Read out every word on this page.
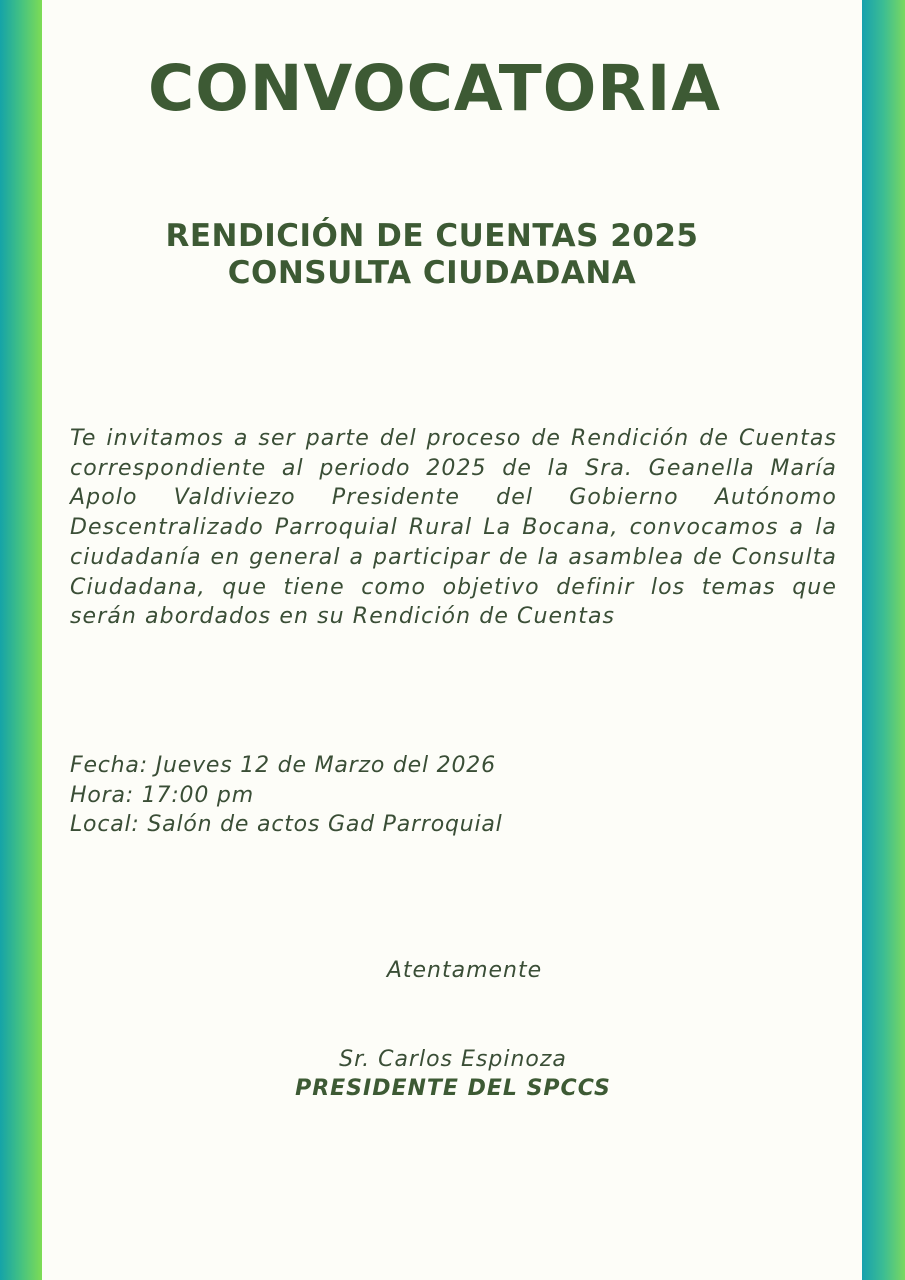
CONVOCATORIA
RENDICIÓN DE CUENTAS 2025
CONSULTA CIUDADANA

Te invitamos a ser parte del proceso de Rendición de Cuentas correspondiente al periodo 2025 de la Sra. Geanella María Apolo Valdiviezo Presidente del Gobierno Autónomo Descentralizado Parroquial Rural La Bocana, convocamos a la ciudadanía en general a participar de la asamblea de Consulta Ciudadana, que tiene como objetivo definir los temas que serán abordados en su Rendición de Cuentas

Fecha: Jueves 12 de Marzo del 2026
Hora: 17:00 pm
Local: Salón de actos Gad Parroquial

Atentamente

Sr. Carlos Espinoza

PRESIDENTE DEL SPCCS
